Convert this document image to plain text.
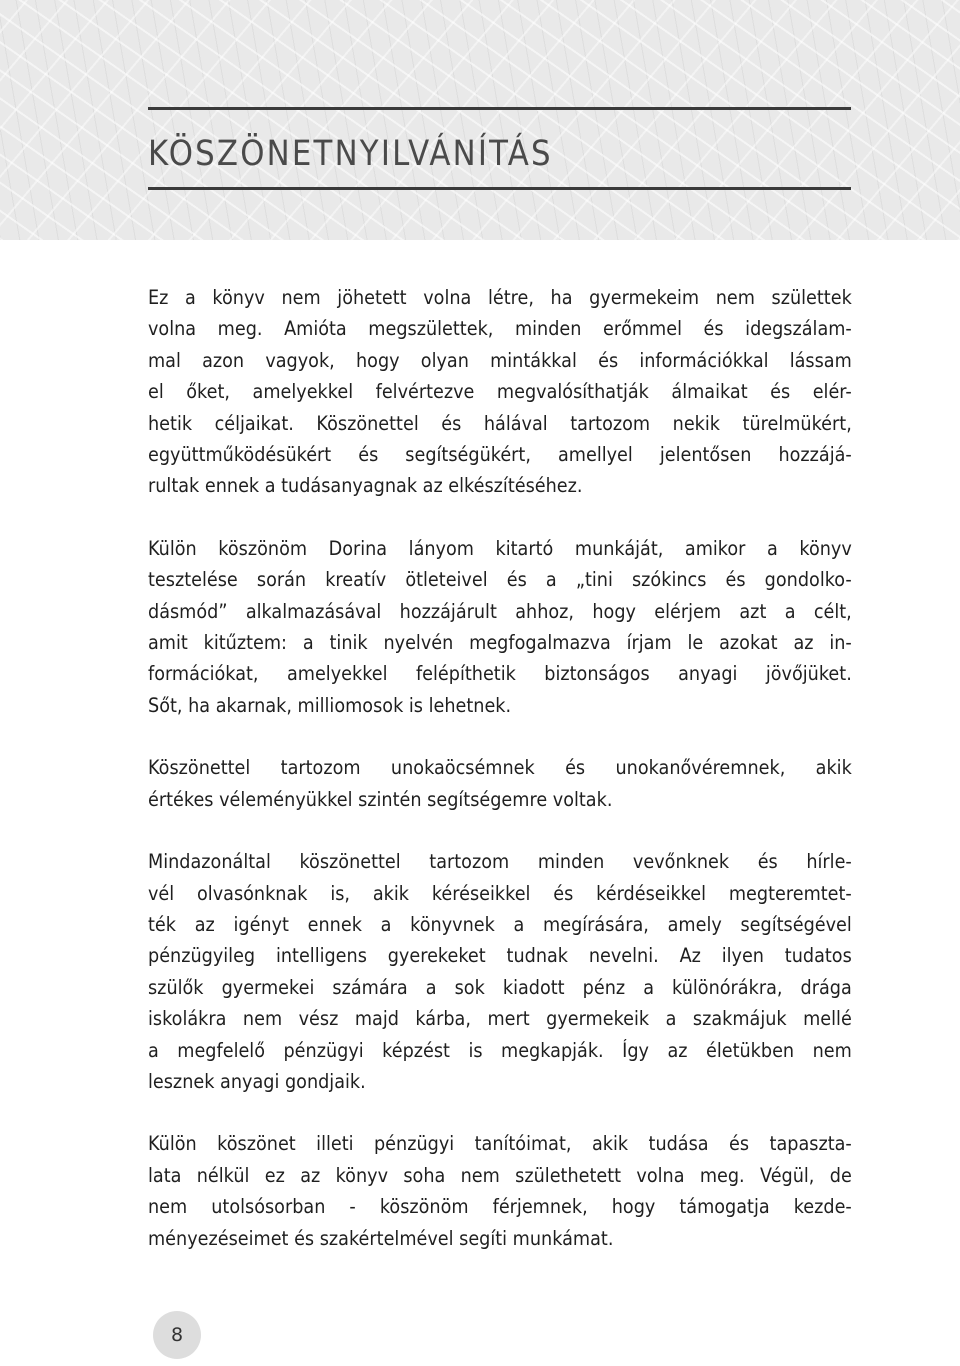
KÖSZÖNETNYILVÁNÍTÁS

Ez a könyv nem jöhetett volna létre, ha gyermekeim nem születtek
volna meg. Amióta megszülettek, minden erőmmel és idegszálam-
mal azon vagyok, hogy olyan mintákkal és információkkal lássam
el őket, amelyekkel felvértezve megvalósíthatják álmaikat és elér-
hetik céljaikat. Köszönettel és hálával tartozom nekik türelmükért,
együttműködésükért és segítségükért, amellyel jelentősen hozzájá-
rultak ennek a tudásanyagnak az elkészítéséhez.

Külön köszönöm Dorina lányom kitartó munkáját, amikor a könyv
tesztelése során kreatív ötleteivel és a „tini szókincs és gondolko-
dásmód” alkalmazásával hozzájárult ahhoz, hogy elérjem azt a célt,
amit kitűztem: a tinik nyelvén megfogalmazva írjam le azokat az in-
formációkat, amelyekkel felépíthetik biztonságos anyagi jövőjüket.
Sőt, ha akarnak, milliomosok is lehetnek.

Köszönettel tartozom unokaöcsémnek és unokanővéremnek, akik
értékes véleményükkel szintén segítségemre voltak.

Mindazonáltal köszönettel tartozom minden vevőnknek és hírle-
vél olvasónknak is, akik kéréseikkel és kérdéseikkel megteremtet-
ték az igényt ennek a könyvnek a megírására, amely segítségével
pénzügyileg intelligens gyerekeket tudnak nevelni. Az ilyen tudatos
szülők gyermekei számára a sok kiadott pénz a különórákra, drága
iskolákra nem vész majd kárba, mert gyermekeik a szakmájuk mellé
a megfelelő pénzügyi képzést is megkapják. Így az életükben nem
lesznek anyagi gondjaik.

Külön köszönet illeti pénzügyi tanítóimat, akik tudása és tapaszta-
lata nélkül ez az könyv soha nem születhetett volna meg. Végül, de
nem utolsósorban - köszönöm férjemnek, hogy támogatja kezde-
ményezéseimet és szakértelmével segíti munkámat.

8
